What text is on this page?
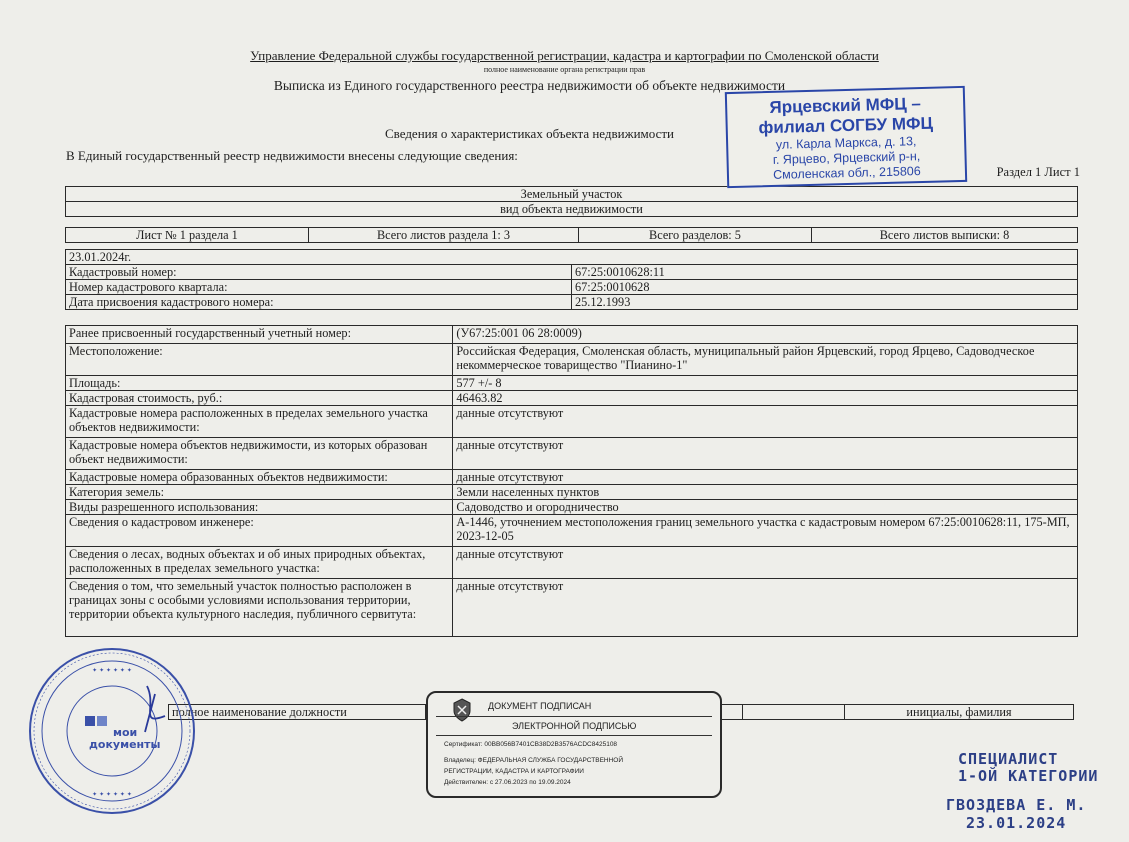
Управление Федеральной службы государственной регистрации, кадастра и картографии по Смоленской области
полное наименование органа регистрации прав
Выписка из Единого государственного реестра недвижимости об объекте недвижимости
Сведения о характеристиках объекта недвижимости
В Единый государственный реестр недвижимости внесены следующие сведения:
Раздел 1 Лист 1
Земельный участок
вид объекта недвижимости
Лист № 1 раздела 1	Всего листов раздела 1: 3	Всего разделов: 5	Всего листов выписки: 8
23.01.2024г.	
Кадастровый номер:	67:25:0010628:11
Номер кадастрового квартала:	67:25:0010628
Дата присвоения кадастрового номера:	25.12.1993
Ранее присвоенный государственный учетный номер:	(У67:25:001 06 28:0009)
Местоположение:	Российская Федерация, Смоленская область, муниципальный район Ярцевский, город Ярцево, Садоводческое некоммерческое товарищество "Пианино-1"
Площадь:	577 +/- 8
Кадастровая стоимость, руб.:	46463.82
Кадастровые номера расположенных в пределах земельного участка объектов недвижимости:	данные отсутствуют
Кадастровые номера объектов недвижимости, из которых образован объект недвижимости:	данные отсутствуют
Кадастровые номера образованных объектов недвижимости:	данные отсутствуют
Категория земель:	Земли населенных пунктов
Виды разрешенного использования:	Садоводство и огородничество
Сведения о кадастровом инженере:	А-1446, уточнением местоположения границ земельного участка с кадастровым номером 67:25:0010628:11, 175-МП, 2023-12-05
Сведения о лесах, водных объектах и об иных природных объектах, расположенных в пределах земельного участка:	данные отсутствуют
Сведения о том, что земельный участок полностью расположен в границах зоны с особыми условиями использования территории, территории объекта культурного наследия, публичного сервитута:	данные отсутствуют
Ярцевский МФЦ –
филиал СОГБУ МФЦ
ул. Карла Маркса, д. 13,
г. Ярцево, Ярцевский р-н,
Смоленская обл., 215806
полное наименование должности			инициалы, фамилия
✦ ✦ ✦ ✦ ✦ ✦
✦ ✦ ✦ ✦ ✦ ✦
мои
документы
ДОКУМЕНТ ПОДПИСАН
ЭЛЕКТРОННОЙ ПОДПИСЬЮ
Сертификат: 00BB056B7401CB38D2B3576ACDC8425108
Владелец: ФЕДЕРАЛЬНАЯ СЛУЖБА ГОСУДАРСТВЕННОЙ
РЕГИСТРАЦИИ, КАДАСТРА И КАРТОГРАФИИ
Действителен: с 27.06.2023 по 19.09.2024
СПЕЦИАЛИСТ
1-ОЙ КАТЕГОРИИ
ГВОЗДЕВА Е. М.
23.01.2024
